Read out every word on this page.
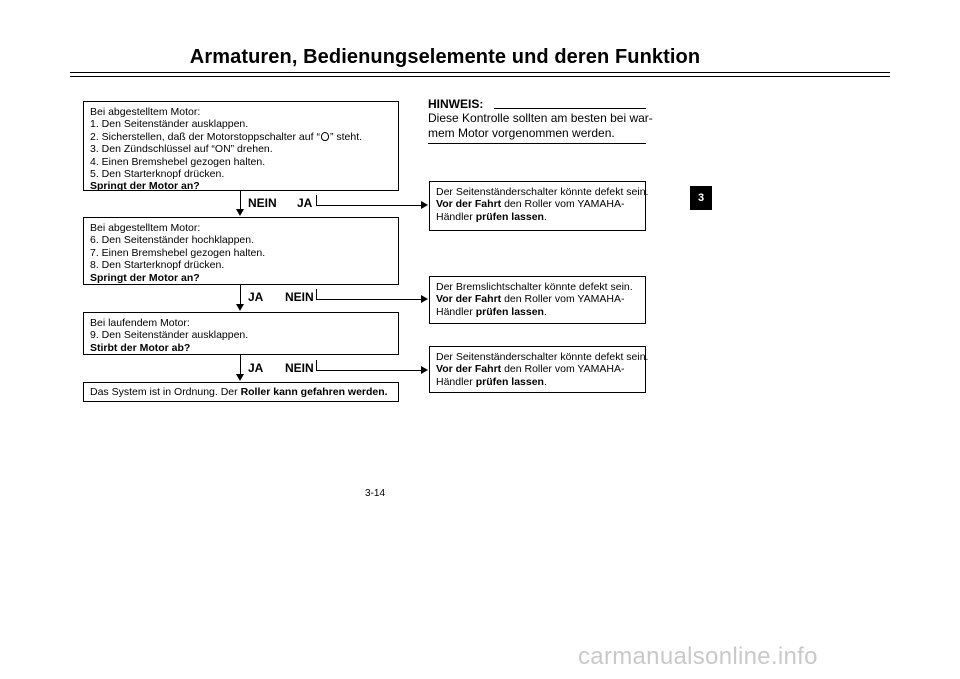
Armaturen, Bedienungselemente und deren Funktion
Bei abgestelltem Motor:
1. Den Seitenständer ausklappen.
2. Sicherstellen, daß der Motorstoppschalter auf “ ” steht.
3. Den Zündschlüssel auf “ON” drehen.
4. Einen Bremshebel gezogen halten.
5. Den Starterknopf drücken.
Springt der Motor an?
NEIN JA
Bei abgestelltem Motor:
6. Den Seitenständer hochklappen.
7. Einen Bremshebel gezogen halten.
8. Den Starterknopf drücken.
Springt der Motor an?
JA NEIN
Bei laufendem Motor:
9. Den Seitenständer ausklappen.
Stirbt der Motor ab?
JA NEIN
Das System ist in Ordnung. Der Roller kann gefahren werden.
HINWEIS:
Diese Kontrolle sollten am besten bei war-
mem Motor vorgenommen werden.
Der Seitenständerschalter könnte defekt sein.
Vor der Fahrt den Roller vom YAMAHA-
Händler prüfen lassen.
Der Bremslichtschalter könnte defekt sein.
Vor der Fahrt den Roller vom YAMAHA-
Händler prüfen lassen.
Der Seitenständerschalter könnte defekt sein.
Vor der Fahrt den Roller vom YAMAHA-
Händler prüfen lassen.
3
3-14
carmanualsonline.info
